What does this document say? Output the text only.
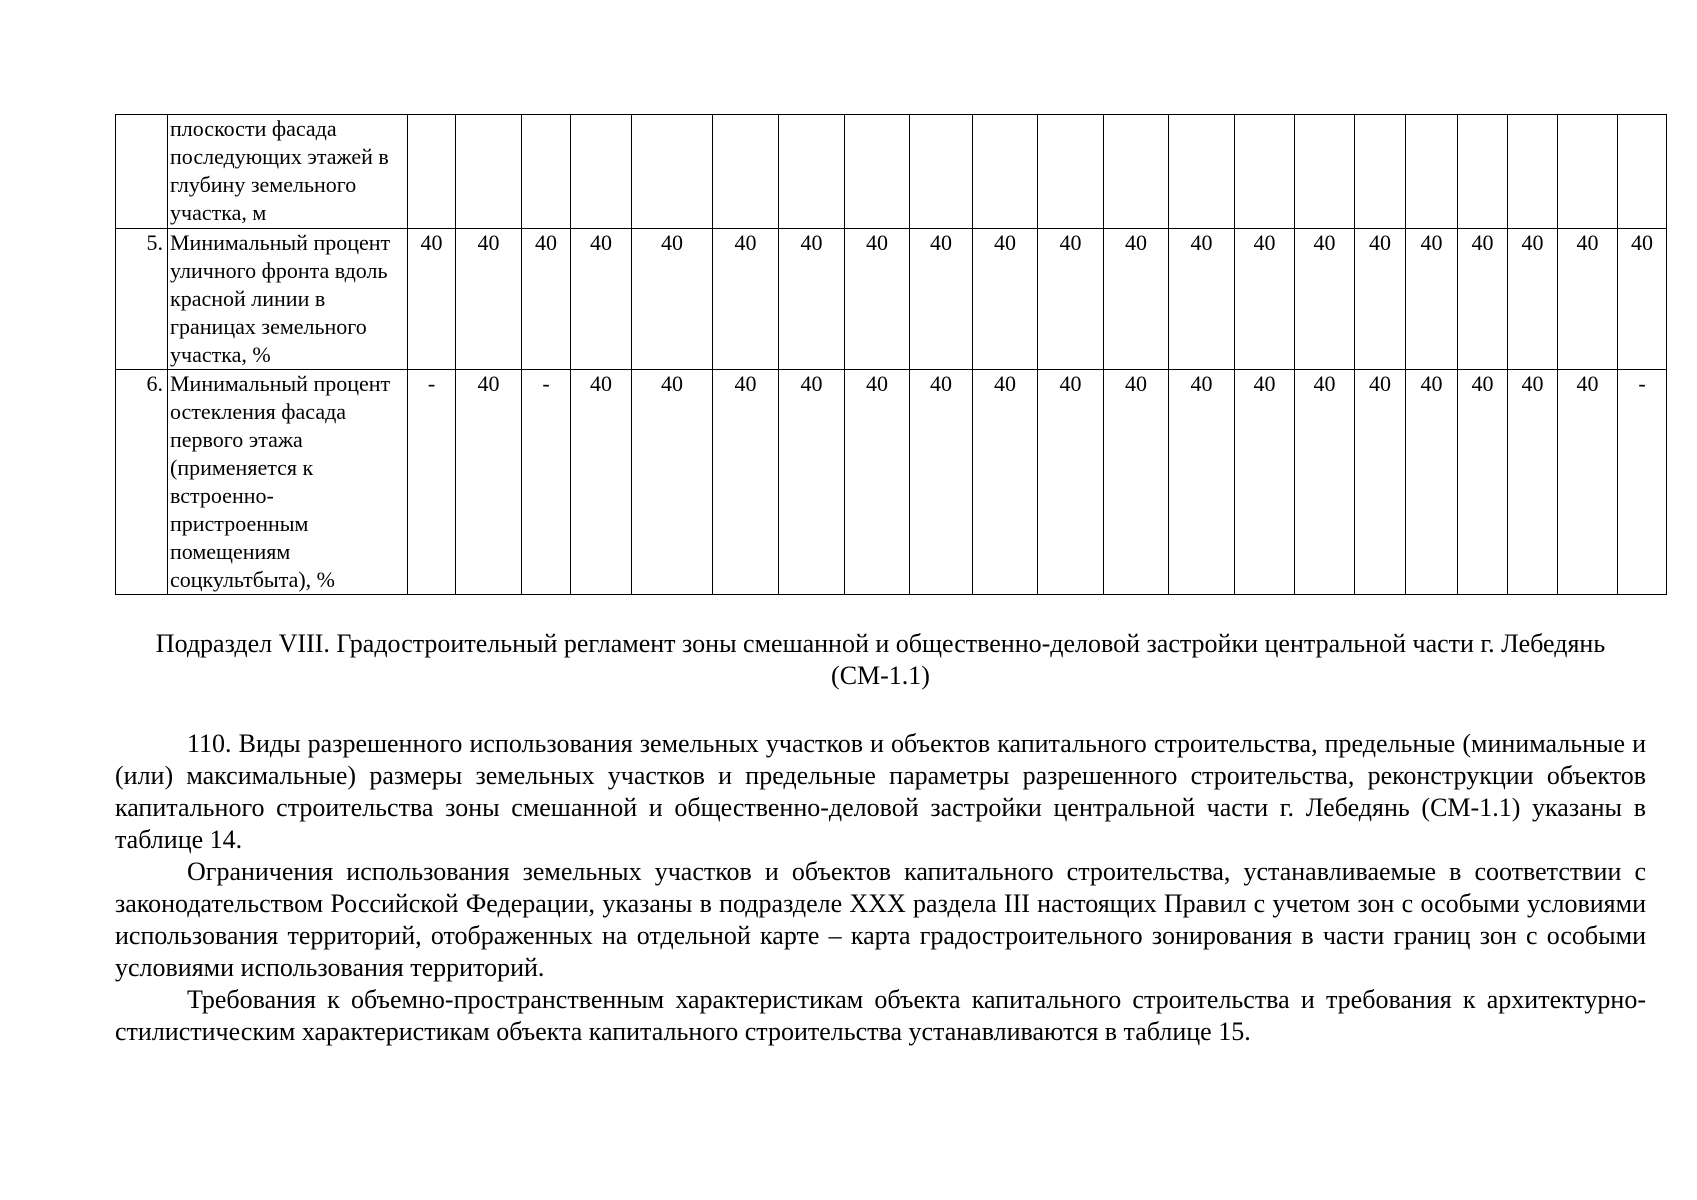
	плоскости фасада последующих этажей в глубину земельного участка, м																					
5.	Минимальный процент уличного фронта вдоль красной линии в границах земельного участка, %	40	40	40	40	40	40	40	40	40	40	40	40	40	40	40	40	40	40	40	40	40
6.	Минимальный процент остекления фасада первого этажа (применяется к встроенно-пристроенным помещениям соцкультбыта), %	-	40	-	40	40	40	40	40	40	40	40	40	40	40	40	40	40	40	40	40	-
Подраздел VIII. Градостроительный регламент зоны смешанной и общественно-деловой застройки центральной части г. Лебедянь (СМ-1.1)

110. Виды разрешенного использования земельных участков и объектов капитального строительства, предельные (минимальные и (или) максимальные) размеры земельных участков и предельные параметры разрешенного строительства, реконструкции объектов капитального строительства зоны смешанной и общественно-деловой застройки центральной части г. Лебедянь (СМ-1.1) указаны в таблице 14.

Ограничения использования земельных участков и объектов капитального строительства, устанавливаемые в соответствии с законодательством Российской Федерации, указаны в подразделе XXX раздела III настоящих Правил с учетом зон с особыми условиями использования территорий, отображенных на отдельной карте – карта градостроительного зонирования в части границ зон с особыми условиями использования территорий.

Требования к объемно-пространственным характеристикам объекта капитального строительства и требования к архитектурно-стилистическим характеристикам объекта капитального строительства устанавливаются в таблице 15.
